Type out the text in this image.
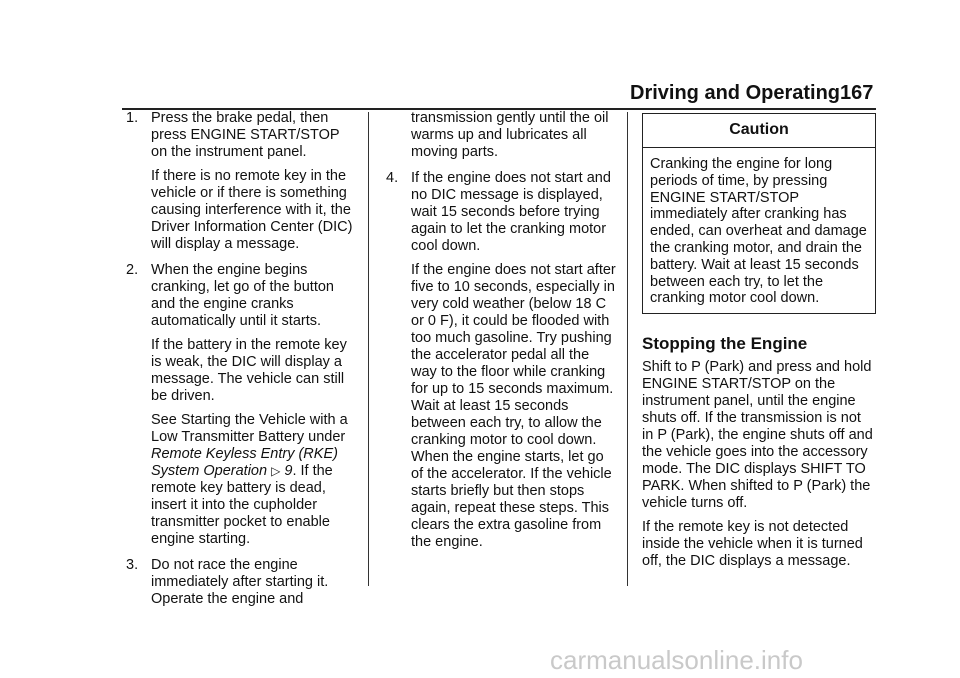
Driving and Operating 167
1. Press the brake pedal, then press ENGINE START/STOP on the instrument panel.

If there is no remote key in the vehicle or if there is something causing interference with it, the Driver Information Center (DIC) will display a message.

2. When the engine begins cranking, let go of the button and the engine cranks automatically until it starts.

If the battery in the remote key is weak, the DIC will display a message. The vehicle can still be driven.

See Starting the Vehicle with a Low Transmitter Battery under Remote Keyless Entry (RKE) System Operation ▷ 9. If the remote key battery is dead, insert it into the cupholder transmitter pocket to enable engine starting.

3. Do not race the engine immediately after starting it. Operate the engine and

transmission gently until the oil warms up and lubricates all moving parts.

4. If the engine does not start and no DIC message is displayed, wait 15 seconds before trying again to let the cranking motor cool down.

If the engine does not start after five to 10 seconds, especially in very cold weather (below 18 C or 0 F), it could be flooded with too much gasoline. Try pushing the accelerator pedal all the way to the floor while cranking for up to 15 seconds maximum. Wait at least 15 seconds between each try, to allow the cranking motor to cool down. When the engine starts, let go of the accelerator. If the vehicle starts briefly but then stops again, repeat these steps. This clears the extra gasoline from the engine.

Caution
Cranking the engine for long periods of time, by pressing ENGINE START/STOP immediately after cranking has ended, can overheat and damage the cranking motor, and drain the battery. Wait at least 15 seconds between each try, to let the cranking motor cool down.
Stopping the Engine

Shift to P (Park) and press and hold ENGINE START/STOP on the instrument panel, until the engine shuts off. If the transmission is not in P (Park), the engine shuts off and the vehicle goes into the accessory mode. The DIC displays SHIFT TO PARK. When shifted to P (Park) the vehicle turns off.

If the remote key is not detected inside the vehicle when it is turned off, the DIC displays a message.

carmanualsonline.info
